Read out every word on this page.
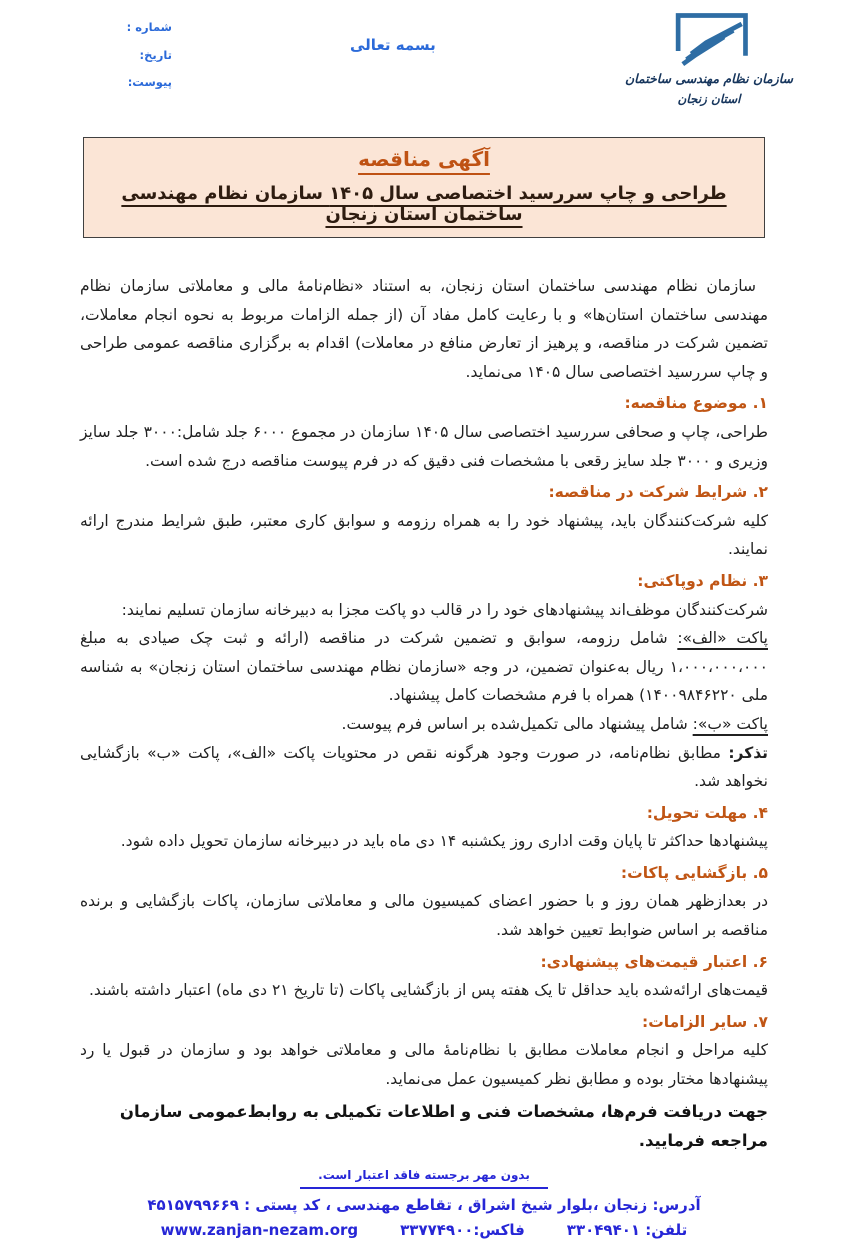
شماره :
تاریخ:
پیوست:
بسمه تعالی
سازمان نظام مهندسی ساختمان
استان زنجان
آگهی مناقصه
طراحی و چاپ سررسید اختصاصی سال ۱۴۰۵ سازمان نظام مهندسی ساختمان استان زنجان

سازمان نظام مهندسی ساختمان استان زنجان، به استناد «نظام‌نامهٔ مالی و معاملاتی سازمان نظام مهندسی ساختمان استان‌ها» و با رعایت کامل مفاد آن (از جمله الزامات مربوط به نحوه انجام معاملات، تضمین شرکت در مناقصه، و پرهیز از تعارض منافع در معاملات) اقدام به برگزاری مناقصه عمومی طراحی و چاپ سررسید اختصاصی سال ۱۴۰۵ می‌نماید.

۱. موضوع مناقصه:

طراحی، چاپ و صحافی سررسید اختصاصی سال ۱۴۰۵ سازمان در مجموع ۶۰۰۰ جلد شامل:۳۰۰۰ جلد سایز وزیری و ۳۰۰۰ جلد سایز رقعی با مشخصات فنی دقیق که در فرم پیوست مناقصه درج شده است.

۲. شرایط شرکت در مناقصه:

کلیه شرکت‌کنندگان باید، پیشنهاد خود را به همراه رزومه و سوابق کاری معتبر، طبق شرایط مندرج ارائه نمایند.

۳. نظام دوپاکتی:

شرکت‌کنندگان موظف‌اند پیشنهادهای خود را در قالب دو پاکت مجزا به دبیرخانه سازمان تسلیم نمایند:

پاکت «الف»: شامل رزومه، سوابق و تضمین شرکت در مناقصه (ارائه و ثبت چک صیادی به مبلغ ۱،۰۰۰،۰۰۰،۰۰۰ ریال به‌عنوان تضمین، در وجه «سازمان نظام مهندسی ساختمان استان زنجان» به شناسه ملی ۱۴۰۰۹۸۴۶۲۲۰) همراه با فرم مشخصات کامل پیشنهاد.

پاکت «ب»: شامل پیشنهاد مالی تکمیل‌شده بر اساس فرم پیوست.

تذکر: مطابق نظام‌نامه، در صورت وجود هرگونه نقص در محتویات پاکت «الف»، پاکت «ب» بازگشایی نخواهد شد.

۴. مهلت تحویل:

پیشنهادها حداکثر تا پایان وقت اداری روز یکشنبه ۱۴ دی ماه باید در دبیرخانه سازمان تحویل داده شود.

۵. بازگشایی پاکات:

در بعدازظهر همان روز و با حضور اعضای کمیسیون مالی و معاملاتی سازمان، پاکات بازگشایی و برنده مناقصه بر اساس ضوابط تعیین خواهد شد.

۶. اعتبار قیمت‌های پیشنهادی:

قیمت‌های ارائه‌شده باید حداقل تا یک هفته پس از بازگشایی پاکات (تا تاریخ ۲۱ دی ماه) اعتبار داشته باشند.

۷. سایر الزامات:

کلیه مراحل و انجام معاملات مطابق با نظام‌نامهٔ مالی و معاملاتی خواهد بود و سازمان در قبول یا رد پیشنهادها مختار بوده و مطابق نظر کمیسیون عمل می‌نماید.

جهت دریافت فرم‌ها، مشخصات فنی و اطلاعات تکمیلی به روابط‌عمومی سازمان مراجعه فرمایید.

بدون مهر برجسته فاقد اعتبار است.
آدرس: زنجان ،بلوار شیخ اشراق ، تقاطع مهندسی ، کد پستی : ۴۵۱۵۷۹۹۶۶۹
تلفن: ۳۳۰۴۹۴۰۱
فاکس:۳۳۷۷۴۹۰۰
www.zanjan-nezam.org
